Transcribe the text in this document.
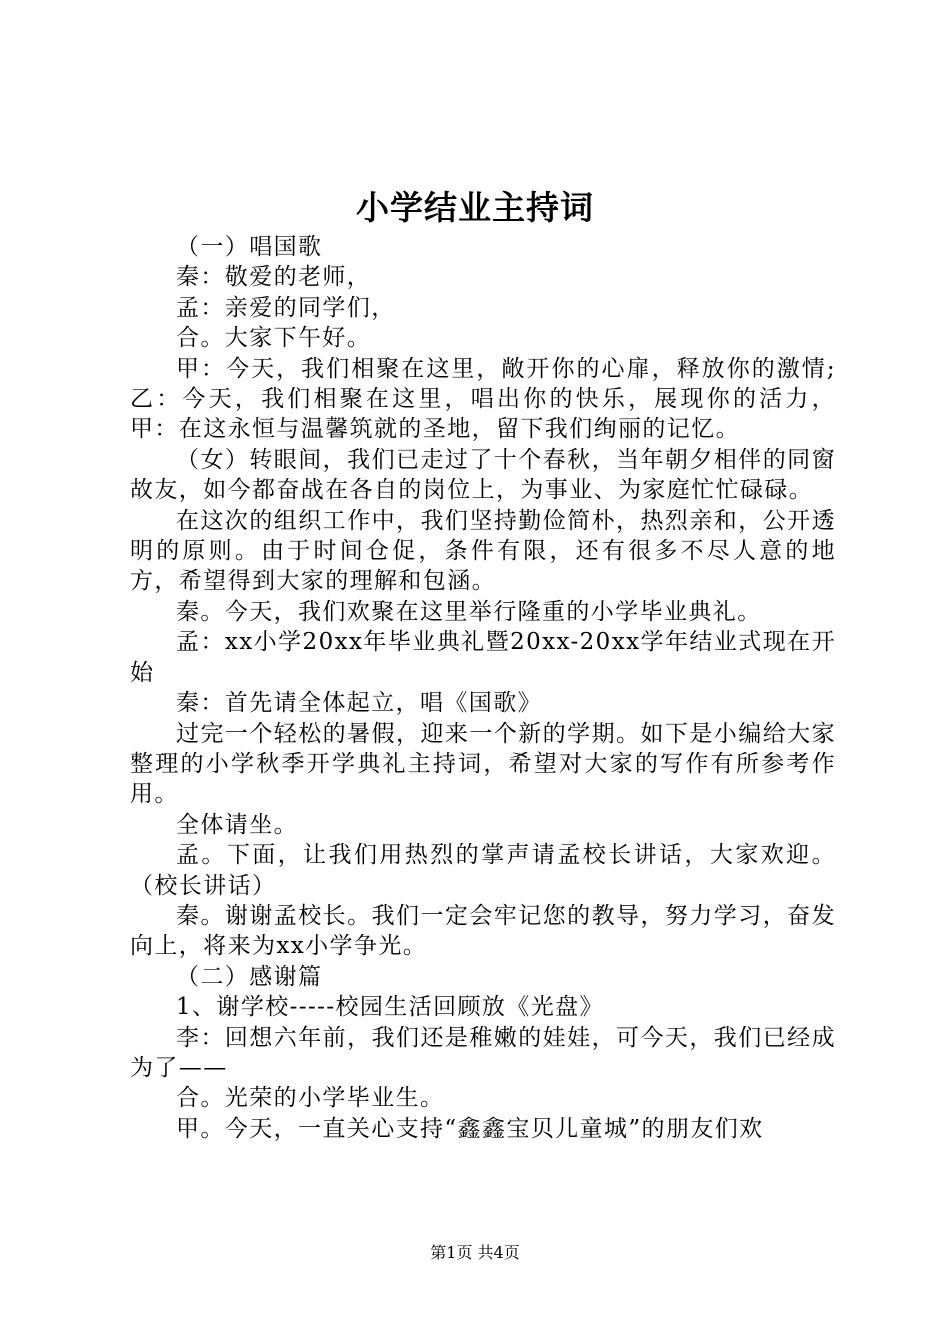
小学结业主持词

（一）唱国歌

秦：敬爱的老师，

孟：亲爱的同学们，

合。大家下午好。

甲：今天，我们相聚在这里，敞开你的心扉，释放你的激情;乙：今天，我们相聚在这里，唱出你的快乐，展现你的活力，甲：在这永恒与温馨筑就的圣地，留下我们绚丽的记忆。

（女）转眼间，我们已走过了十个春秋，当年朝夕相伴的同窗故友，如今都奋战在各自的岗位上，为事业、为家庭忙忙碌碌。

在这次的组织工作中，我们坚持勤俭简朴，热烈亲和，公开透明的原则。由于时间仓促，条件有限，还有很多不尽人意的地方，希望得到大家的理解和包涵。

秦。今天，我们欢聚在这里举行隆重的小学毕业典礼。

孟：xx小学20xx年毕业典礼暨20xx-20xx学年结业式现在开始

秦：首先请全体起立，唱《国歌》

过完一个轻松的暑假，迎来一个新的学期。如下是小编给大家整理的小学秋季开学典礼主持词，希望对大家的写作有所参考作用。

全体请坐。

孟。下面，让我们用热烈的掌声请孟校长讲话，大家欢迎。（校长讲话）

秦。谢谢孟校长。我们一定会牢记您的教导，努力学习，奋发向上，将来为xx小学争光。

（二）感谢篇

1、谢学校-----校园生活回顾放《光盘》

李：回想六年前，我们还是稚嫩的娃娃，可今天，我们已经成为了——

合。光荣的小学毕业生。

甲。今天，一直关心支持“鑫鑫宝贝儿童城”的朋友们欢

第1页 共4页
